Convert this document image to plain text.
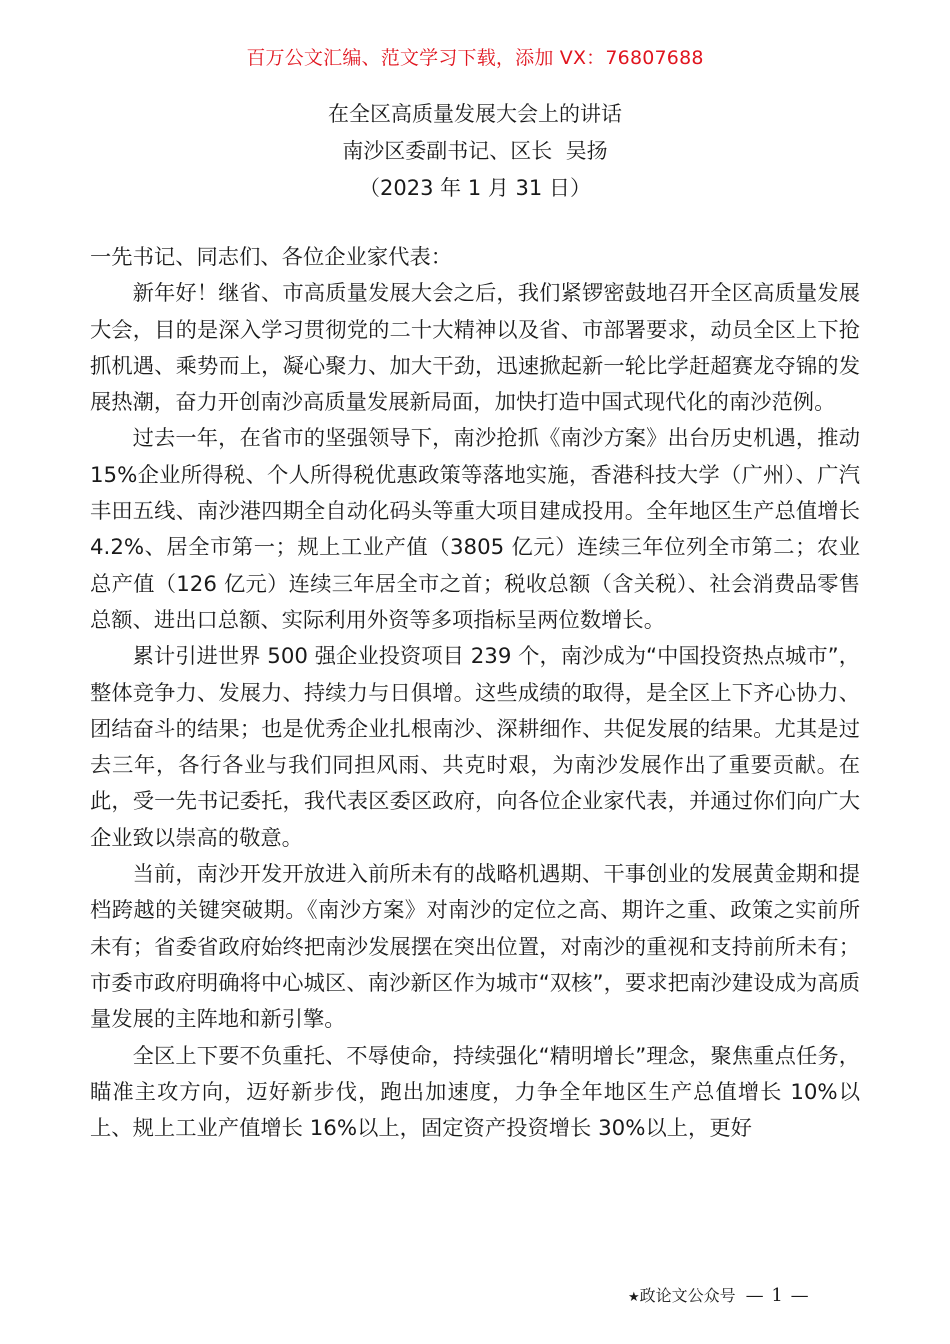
百万公文汇编、范文学习下载，添加 VX：76807688
在全区高质量发展大会上的讲话
南沙区委副书记、区长  吴扬
（2023 年 1 月 31 日）

一先书记、同志们、各位企业家代表：

新年好！继省、市高质量发展大会之后，我们紧锣密鼓地召开全区高质量发展大会，目的是深入学习贯彻党的二十大精神以及省、市部署要求，动员全区上下抢抓机遇、乘势而上，凝心聚力、加大干劲，迅速掀起新一轮比学赶超赛龙夺锦的发展热潮，奋力开创南沙高质量发展新局面，加快打造中国式现代化的南沙范例。

过去一年，在省市的坚强领导下，南沙抢抓《南沙方案》出台历史机遇，推动 15%企业所得税、个人所得税优惠政策等落地实施，香港科技大学（广州）、广汽丰田五线、南沙港四期全自动化码头等重大项目建成投用。全年地区生产总值增长 4.2%、居全市第一；规上工业产值（3805 亿元）连续三年位列全市第二；农业总产值（126 亿元）连续三年居全市之首；税收总额（含关税）、社会消费品零售总额、进出口总额、实际利用外资等多项指标呈两位数增长。

累计引进世界 500 强企业投资项目 239 个，南沙成为“中国投资热点城市”，整体竞争力、发展力、持续力与日俱增。这些成绩的取得，是全区上下齐心协力、团结奋斗的结果；也是优秀企业扎根南沙、深耕细作、共促发展的结果。尤其是过去三年，各行各业与我们同担风雨、共克时艰，为南沙发展作出了重要贡献。在此，受一先书记委托，我代表区委区政府，向各位企业家代表，并通过你们向广大企业致以崇高的敬意。

当前，南沙开发开放进入前所未有的战略机遇期、干事创业的发展黄金期和提档跨越的关键突破期。《南沙方案》对南沙的定位之高、期许之重、政策之实前所未有；省委省政府始终把南沙发展摆在突出位置，对南沙的重视和支持前所未有；市委市政府明确将中心城区、南沙新区作为城市“双核”，要求把南沙建设成为高质量发展的主阵地和新引擎。

全区上下要不负重托、不辱使命，持续强化“精明增长”理念，聚焦重点任务，瞄准主攻方向，迈好新步伐，跑出加速度，力争全年地区生产总值增长 10%以上、规上工业产值增长 16%以上，固定资产投资增长 30%以上，更好

★政论文公众号 — 1 —
